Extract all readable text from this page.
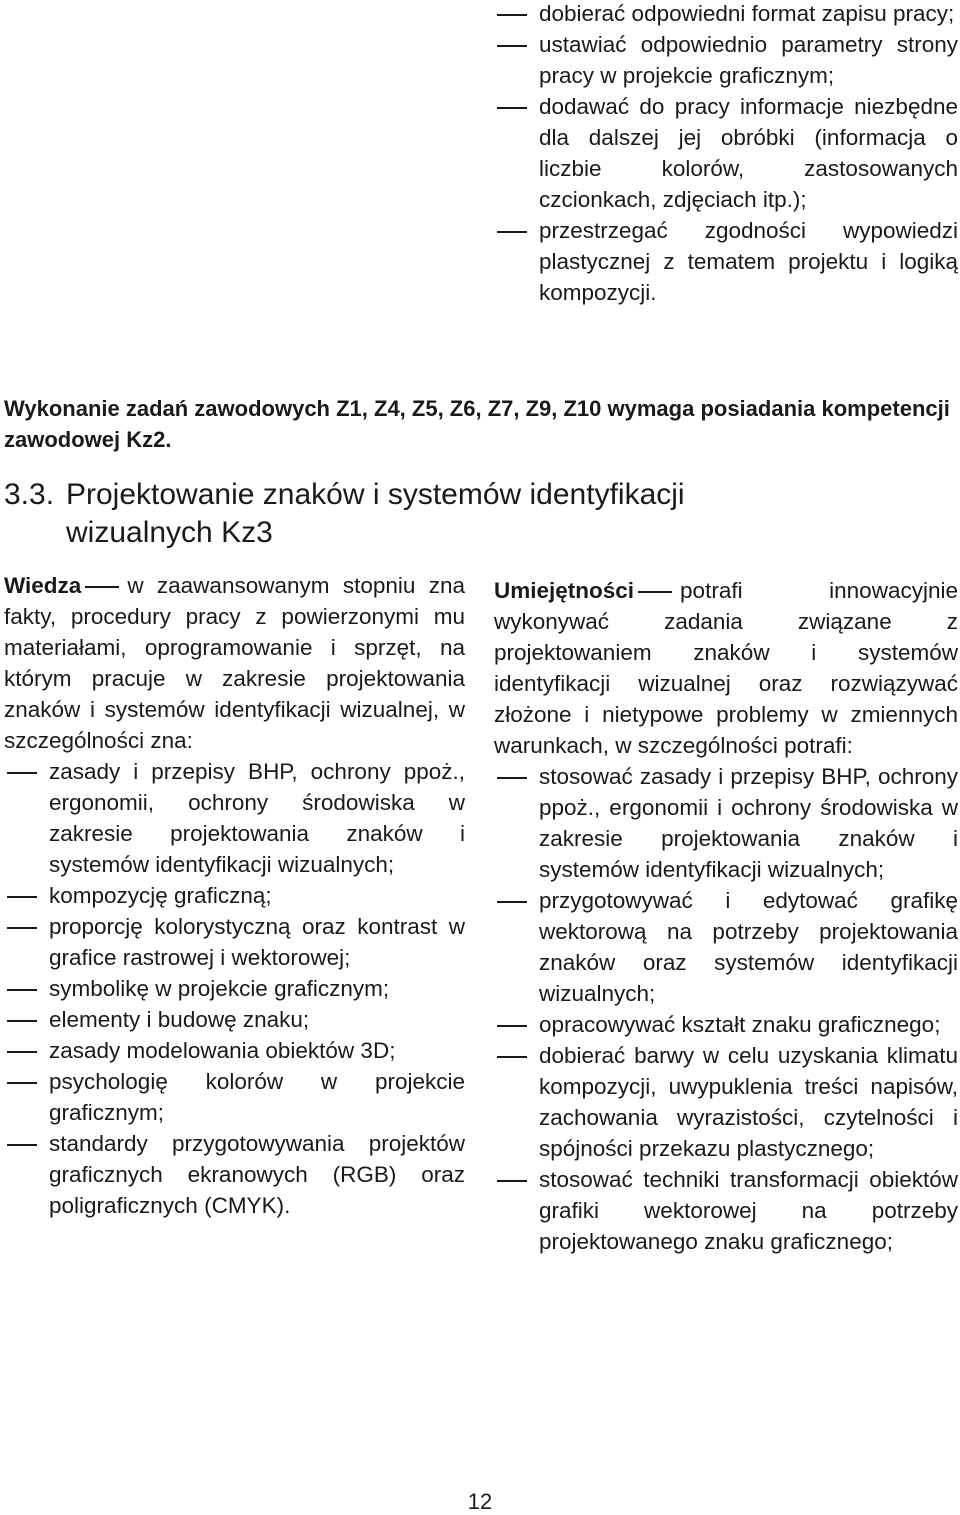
dobierać odpowiedni format zapisu pracy;
ustawiać odpowiednio parametry strony pracy w projekcie graficznym;
dodawać do pracy informacje niezbędne dla dalszej jej obróbki (informacja o liczbie kolorów, zastosowanych czcionkach, zdjęciach itp.);
przestrzegać zgodności wypowiedzi plastycznej z tematem projektu i logiką kompozycji.

Wykonanie zadań zawodowych Z1, Z4, Z5, Z6, Z7, Z9, Z10 wymaga posiadania kompetencji zawodowej Kz2.

3.3. Projektowanie znaków i systemów identyfikacji
wizualnych Kz3

Wiedza w zaawansowanym stopniu zna fakty, procedury pracy z powierzonymi mu materiałami, oprogramowanie i sprzęt, na którym pracuje w zakresie projektowania znaków i systemów identyfikacji wizualnej, w szczególności zna:

zasady i przepisy BHP, ochrony ppoż., ergonomii, ochrony środowiska w zakresie projektowania znaków i systemów identyfikacji wizualnych;
kompozycję graficzną;
proporcję kolorystyczną oraz kontrast w grafice rastrowej i wektorowej;
symbolikę w projekcie graficznym;
elementy i budowę znaku;
zasady modelowania obiektów 3D;
psychologię kolorów w projekcie graficznym;
standardy przygotowywania projektów graficznych ekranowych (RGB) oraz poligraficznych (CMYK).

Umiejętności potrafi innowacyjnie wykonywać zadania związane z projektowaniem znaków i systemów identyfikacji wizualnej oraz rozwiązywać złożone i nietypowe problemy w zmiennych warunkach, w szczególności potrafi:

stosować zasady i przepisy BHP, ochrony ppoż., ergonomii i ochrony środowiska w zakresie projektowania znaków i systemów identyfikacji wizualnych;
przygotowywać i edytować grafikę wektorową na potrzeby projektowania znaków oraz systemów identyfikacji wizualnych;
opracowywać kształt znaku graficznego;
dobierać barwy w celu uzyskania klimatu kompozycji, uwypuklenia treści napisów, zachowania wyrazistości, czytelności i spójności przekazu plastycznego;
stosować techniki transformacji obiektów grafiki wektorowej na potrzeby projektowanego znaku graficznego;
12
